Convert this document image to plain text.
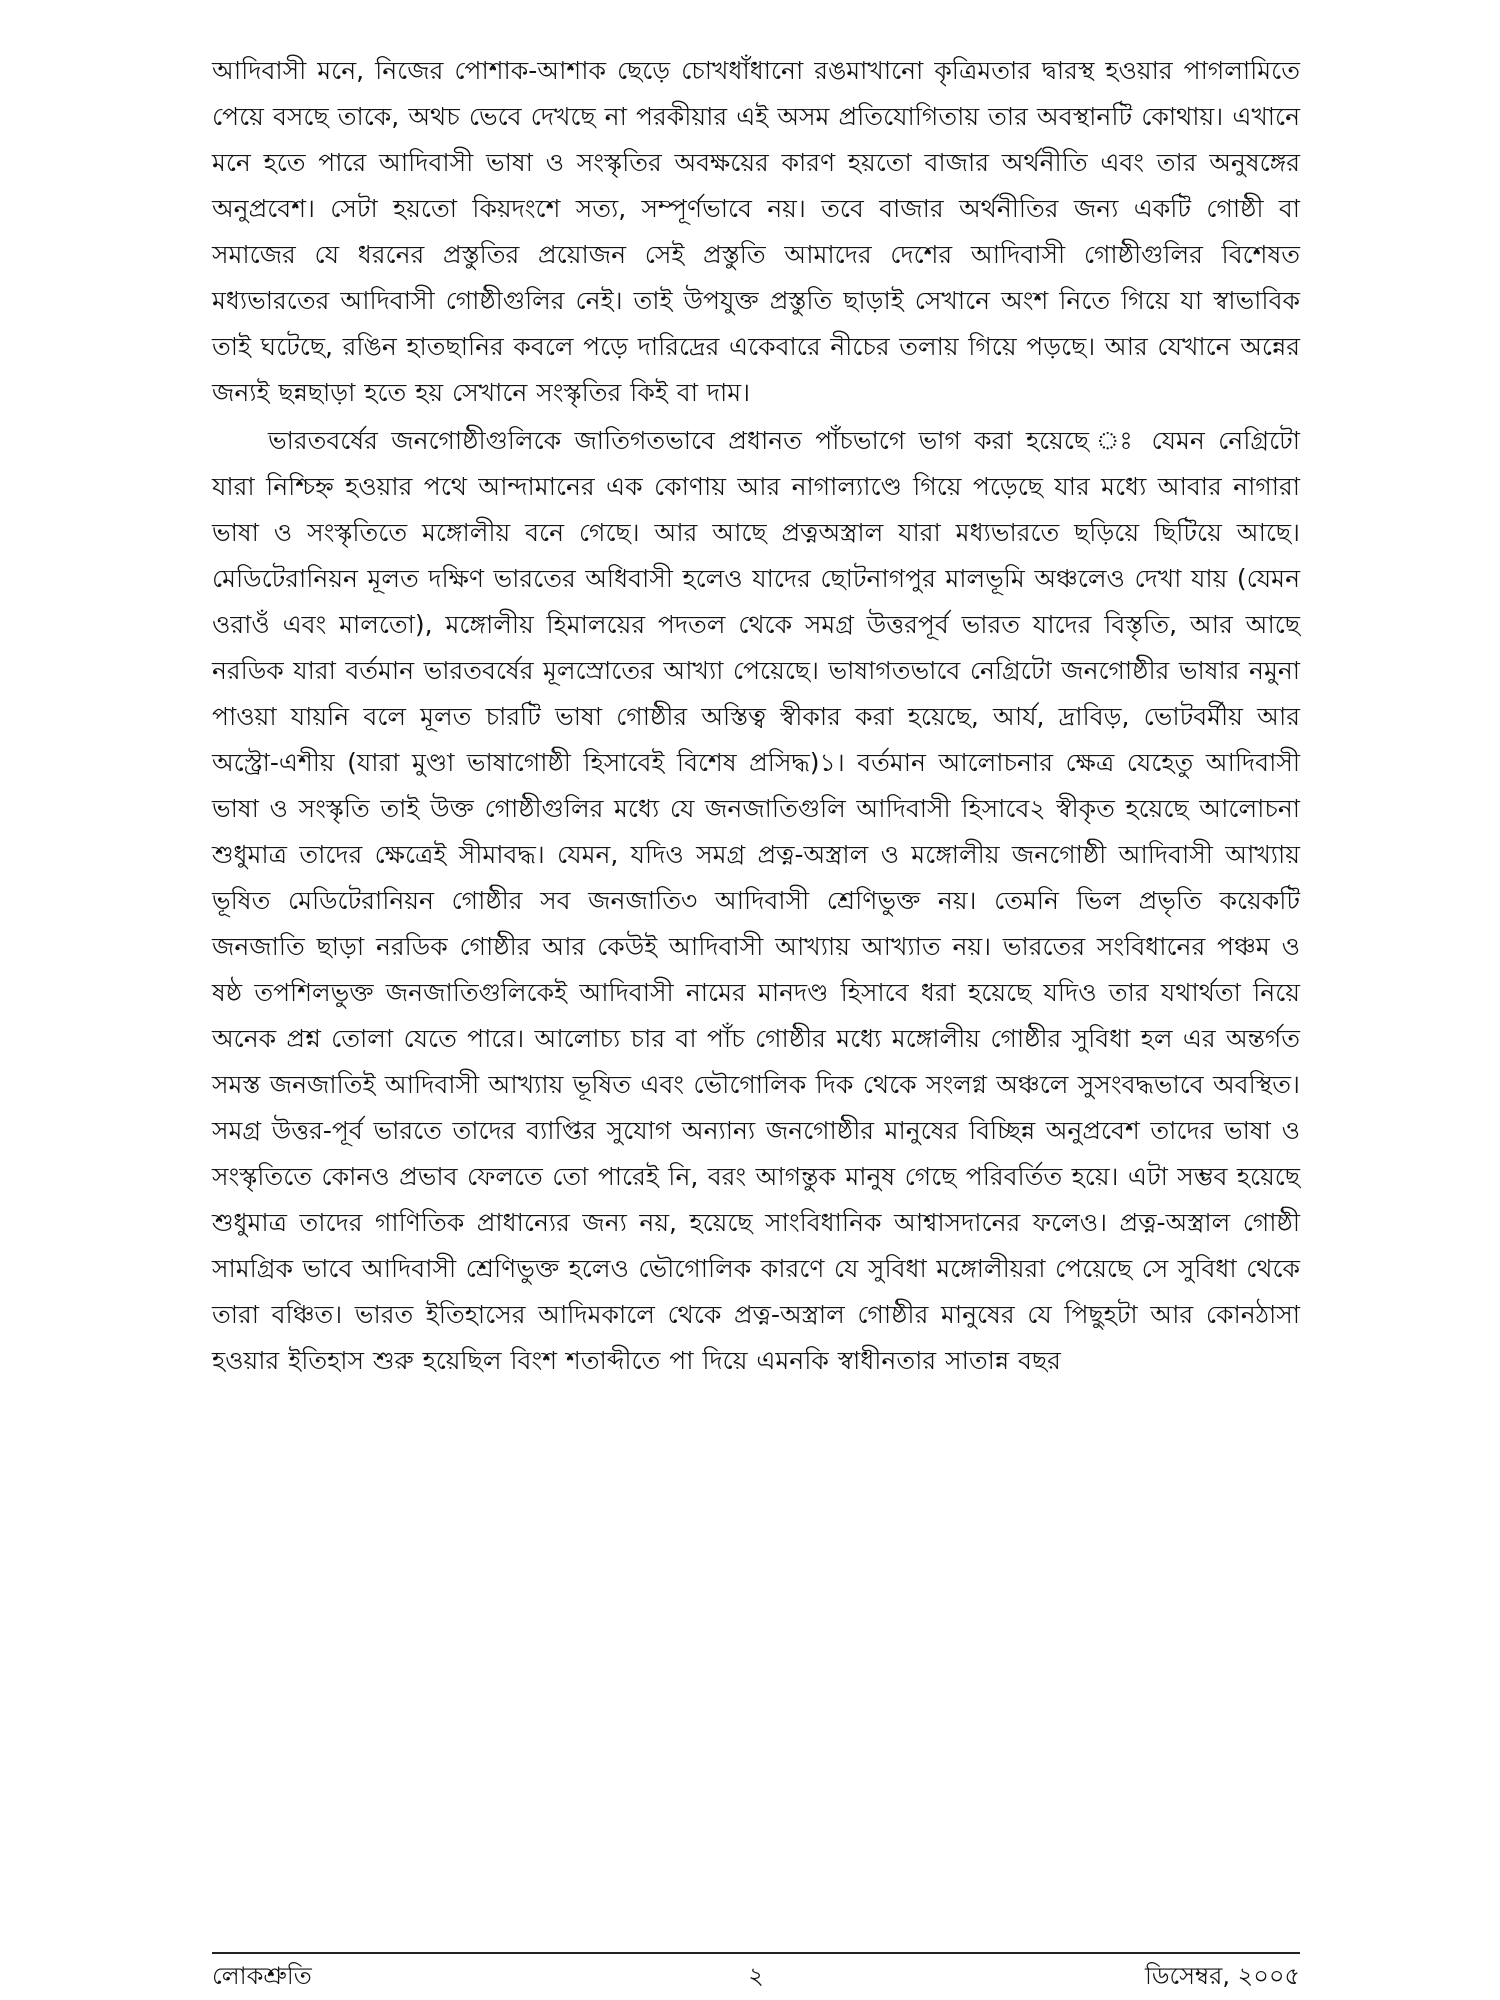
আদিবাসী মনে, নিজের পোশাক-আশাক ছেড়ে চোখধাঁধানো রঙমাখানো কৃত্রিমতার দ্বারস্থ হওয়ার পাগলামিতে পেয়ে বসছে তাকে, অথচ ভেবে দেখছে না পরকীয়ার এই অসম প্রতিযোগিতায় তার অবস্থানটি কোথায়। এখানে মনে হতে পারে আদিবাসী ভাষা ও সংস্কৃতির অবক্ষয়ের কারণ হয়তো বাজার অর্থনীতি এবং তার অনুষঙ্গের অনুপ্রবেশ। সেটা হয়তো কিয়দংশে সত্য, সম্পূর্ণভাবে নয়। তবে বাজার অর্থনীতির জন্য একটি গোষ্ঠী বা সমাজের যে ধরনের প্রস্তুতির প্রয়োজন সেই প্রস্তুতি আমাদের দেশের আদিবাসী গোষ্ঠীগুলির বিশেষত মধ্যভারতের আদিবাসী গোষ্ঠীগুলির নেই। তাই উপযুক্ত প্রস্তুতি ছাড়াই সেখানে অংশ নিতে গিয়ে যা স্বাভাবিক তাই ঘটেছে, রঙিন হাতছানির কবলে পড়ে দারিদ্রের একেবারে নীচের তলায় গিয়ে পড়ছে। আর যেখানে অন্নের জন্যই ছন্নছাড়া হতে হয় সেখানে সংস্কৃতির কিই বা দাম।

ভারতবর্ষের জনগোষ্ঠীগুলিকে জাতিগতভাবে প্রধানত পাঁচভাগে ভাগ করা হয়েছে ঃ যেমন নেগ্রিটো যারা নিশ্চিহ্ন হওয়ার পথে আন্দামানের এক কোণায় আর নাগাল্যাণ্ডে গিয়ে পড়েছে যার মধ্যে আবার নাগারা ভাষা ও সংস্কৃতিতে মঙ্গোলীয় বনে গেছে। আর আছে প্রত্নঅস্ত্রাল যারা মধ্যভারতে ছড়িয়ে ছিটিয়ে আছে। মেডিটেরানিয়ন মূলত দক্ষিণ ভারতের অধিবাসী হলেও যাদের ছোটনাগপুর মালভূমি অঞ্চলেও দেখা যায় (যেমন ওরাওঁ এবং মালতো), মঙ্গোলীয় হিমালয়ের পদতল থেকে সমগ্র উত্তরপূর্ব ভারত যাদের বিস্তৃতি, আর আছে নরডিক যারা বর্তমান ভারতবর্ষের মূলস্রোতের আখ্যা পেয়েছে। ভাষাগতভাবে নেগ্রিটো জনগোষ্ঠীর ভাষার নমুনা পাওয়া যায়নি বলে মূলত চারটি ভাষা গোষ্ঠীর অস্তিত্ব স্বীকার করা হয়েছে, আর্য, দ্রাবিড়, ভোটবর্মীয় আর অস্ট্রো-এশীয় (যারা মুণ্ডা ভাষাগোষ্ঠী হিসাবেই বিশেষ প্রসিদ্ধ)১। বর্তমান আলোচনার ক্ষেত্র যেহেতু আদিবাসী ভাষা ও সংস্কৃতি তাই উক্ত গোষ্ঠীগুলির মধ্যে যে জনজাতিগুলি আদিবাসী হিসাবে২ স্বীকৃত হয়েছে আলোচনা শুধুমাত্র তাদের ক্ষেত্রেই সীমাবদ্ধ। যেমন, যদিও সমগ্র প্রত্ন-অস্ত্রাল ও মঙ্গোলীয় জনগোষ্ঠী আদিবাসী আখ্যায় ভূষিত মেডিটেরানিয়ন গোষ্ঠীর সব জনজাতি৩ আদিবাসী শ্রেণিভুক্ত নয়। তেমনি ভিল প্রভৃতি কয়েকটি জনজাতি ছাড়া নরডিক গোষ্ঠীর আর কেউই আদিবাসী আখ্যায় আখ্যাত নয়। ভারতের সংবিধানের পঞ্চম ও ষষ্ঠ তপশিলভুক্ত জনজাতিগুলিকেই আদিবাসী নামের মানদণ্ড হিসাবে ধরা হয়েছে যদিও তার যথার্থতা নিয়ে অনেক প্রশ্ন তোলা যেতে পারে। আলোচ্য চার বা পাঁচ গোষ্ঠীর মধ্যে মঙ্গোলীয় গোষ্ঠীর সুবিধা হল এর অন্তর্গত সমস্ত জনজাতিই আদিবাসী আখ্যায় ভূষিত এবং ভৌগোলিক দিক থেকে সংলগ্ন অঞ্চলে সুসংবদ্ধভাবে অবস্থিত। সমগ্র উত্তর-পূর্ব ভারতে তাদের ব্যাপ্তির সুযোগ অন্যান্য জনগোষ্ঠীর মানুষের বিচ্ছিন্ন অনুপ্রবেশ তাদের ভাষা ও সংস্কৃতিতে কোনও প্রভাব ফেলতে তো পারেই নি, বরং আগন্তুক মানুষ গেছে পরিবর্তিত হয়ে। এটা সম্ভব হয়েছে শুধুমাত্র তাদের গাণিতিক প্রাধান্যের জন্য নয়, হয়েছে সাংবিধানিক আশ্বাসদানের ফলেও। প্রত্ন-অস্ত্রাল গোষ্ঠী সামগ্রিক ভাবে আদিবাসী শ্রেণিভুক্ত হলেও ভৌগোলিক কারণে যে সুবিধা মঙ্গোলীয়রা পেয়েছে সে সুবিধা থেকে তারা বঞ্চিত। ভারত ইতিহাসের আদিমকালে থেকে প্রত্ন-অস্ত্রাল গোষ্ঠীর মানুষের যে পিছুহটা আর কোনঠাসা হওয়ার ইতিহাস শুরু হয়েছিল বিংশ শতাব্দীতে পা দিয়ে এমনকি স্বাধীনতার সাতান্ন বছর

লোকশ্রুতি	২	ডিসেম্বর, ২০০৫
